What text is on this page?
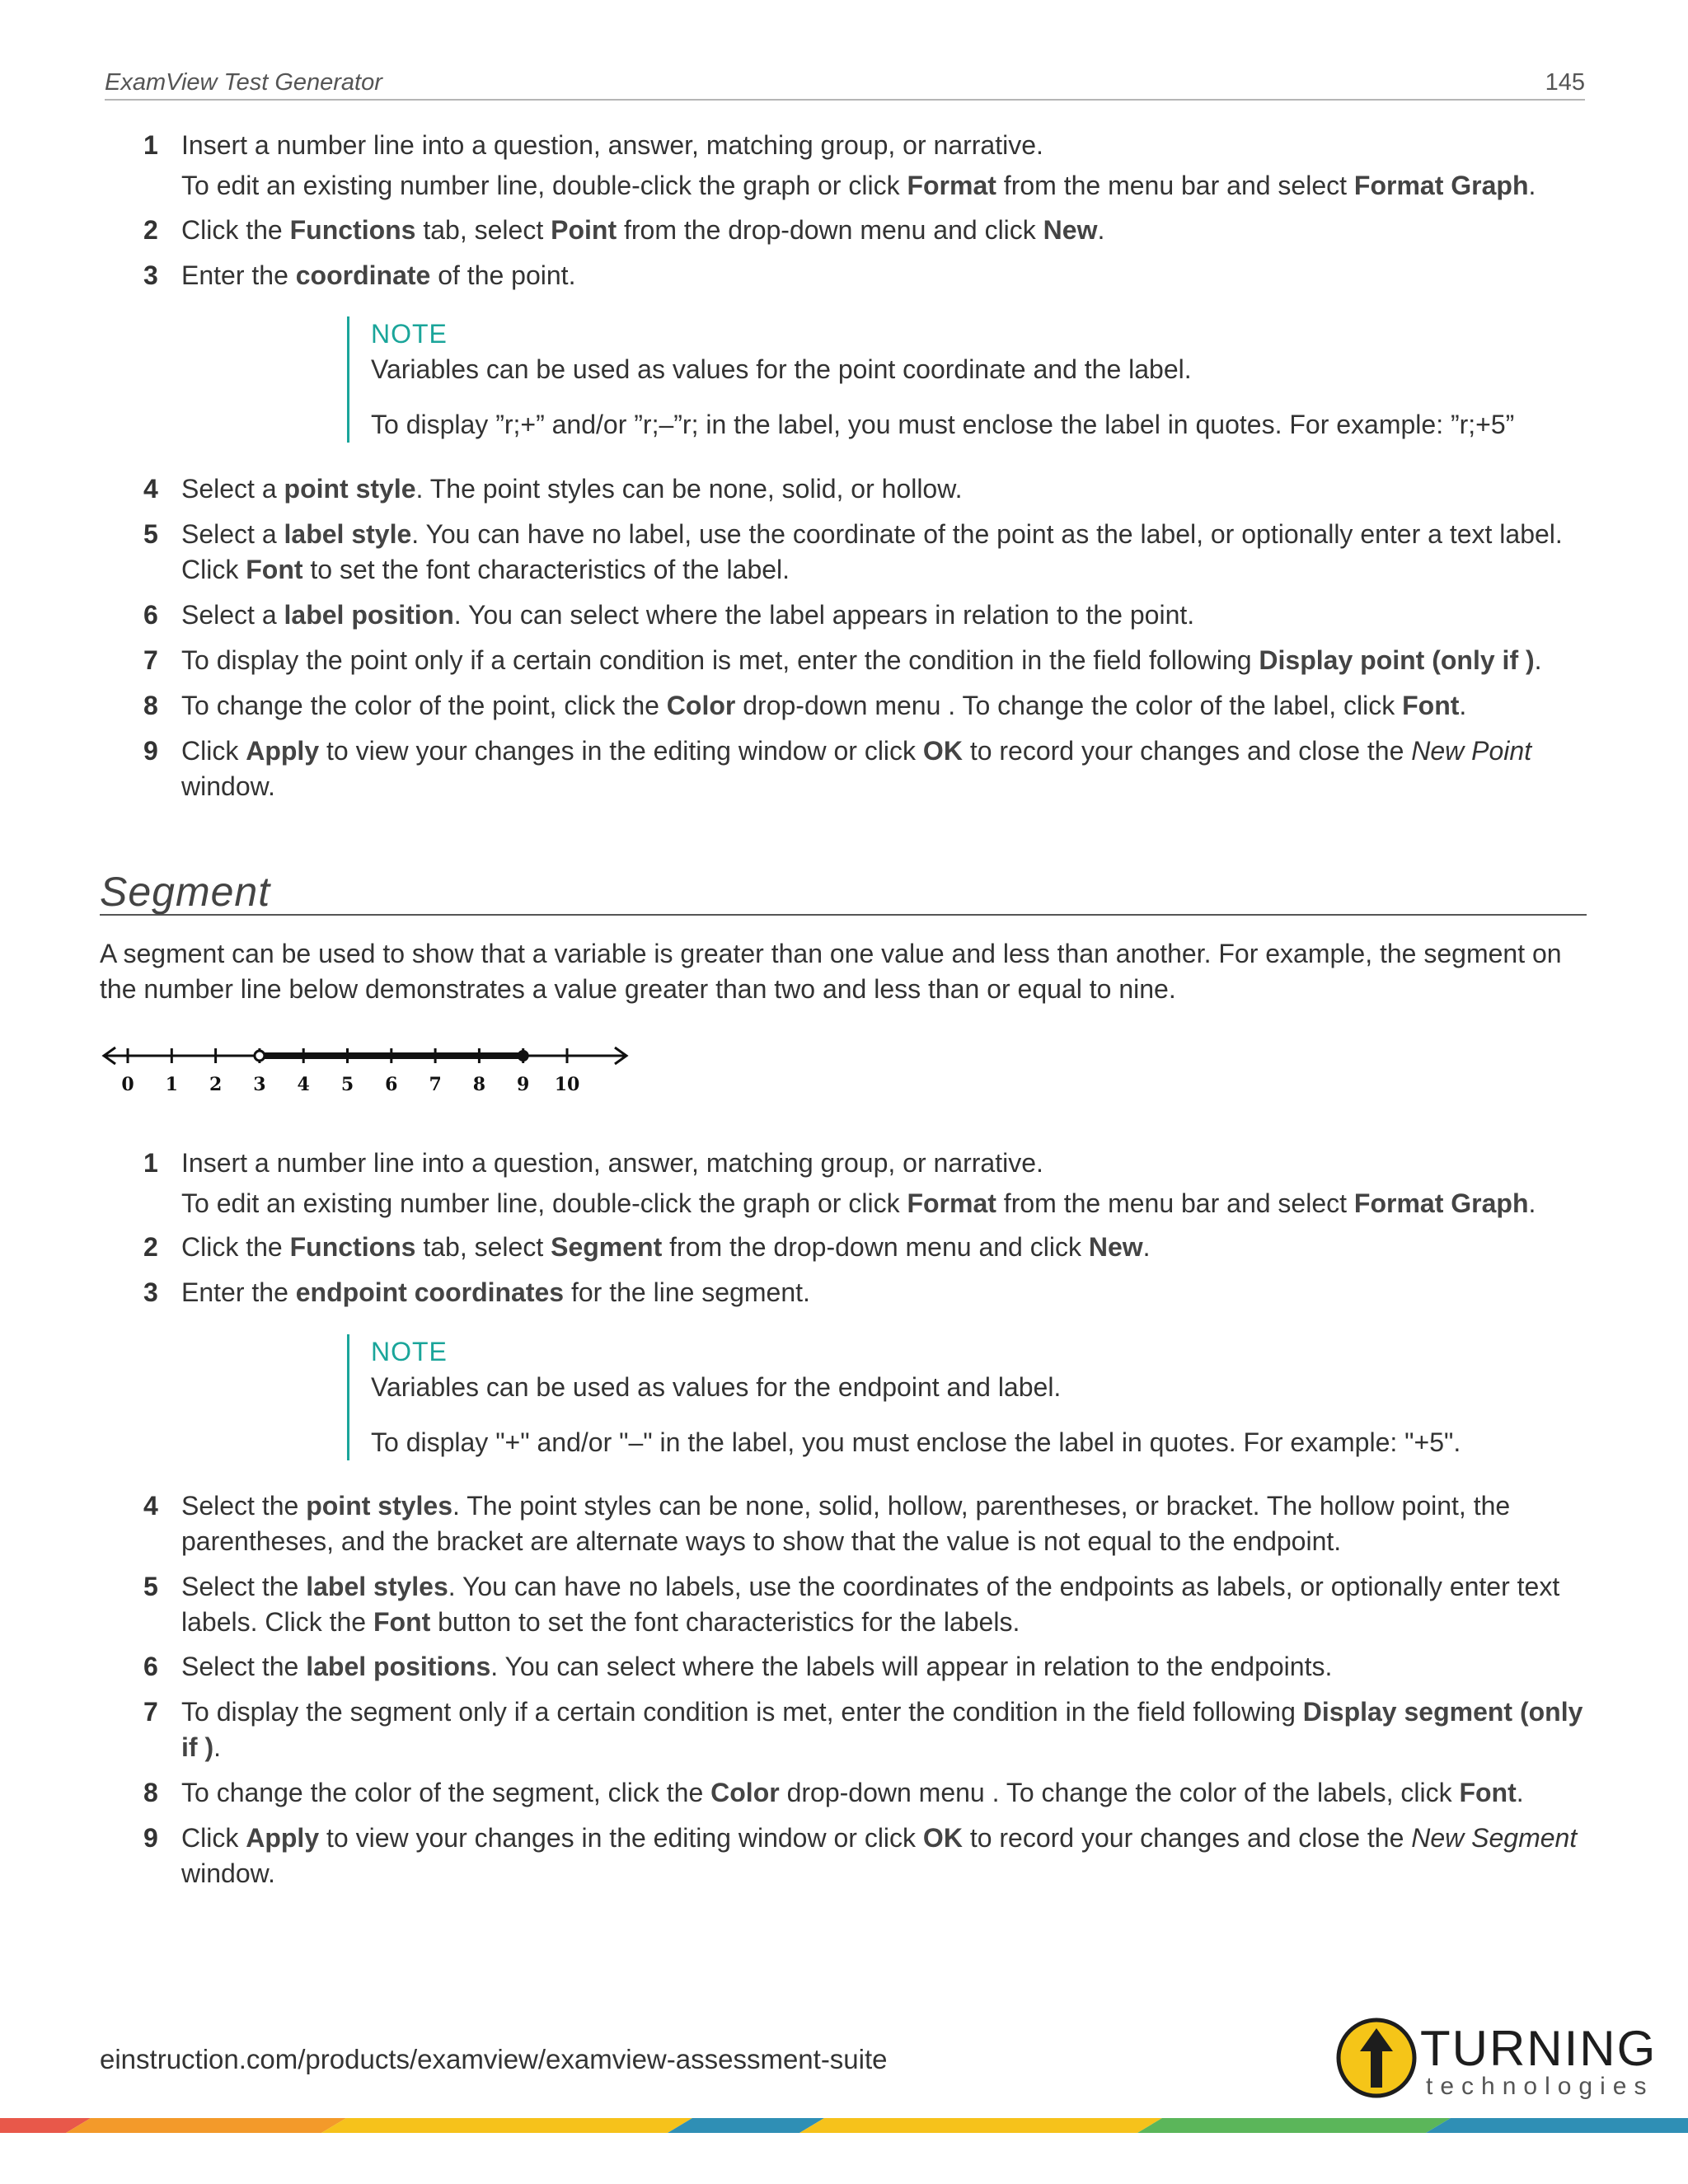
ExamView Test Generator	145
1 Insert a number line into a question, answer, matching group, or narrative.

To edit an existing number line, double-click the graph or click Format from the menu bar and select Format Graph.

2 Click the Functions tab, select Point from the drop-down menu and click New.

3 Enter the coordinate of the point.

NOTE

Variables can be used as values for the point coordinate and the label.

To display ”r;+” and/or ”r;–”r; in the label, you must enclose the label in quotes. For example: ”r;+5”

4 Select a point style. The point styles can be none, solid, or hollow.

5 Select a label style. You can have no label, use the coordinate of the point as the label, or optionally enter a text label. Click Font to set the font characteristics of the label.

6 Select a label position. You can select where the label appears in relation to the point.

7 To display the point only if a certain condition is met, enter the condition in the field following Display point (only if ).

8 To change the color of the point, click the Color drop-down menu . To change the color of the label, click Font.

9 Click Apply to view your changes in the editing window or click OK to record your changes and close the New Point window.

Segment
A segment can be used to show that a variable is greater than one value and less than another. For example, the segment on the number line below demonstrates a value greater than two and less than or equal to nine.
0 1 2 3 4 5 6 7 8 9 10
1 Insert a number line into a question, answer, matching group, or narrative.

To edit an existing number line, double-click the graph or click Format from the menu bar and select Format Graph.

2 Click the Functions tab, select Segment from the drop-down menu and click New.

3 Enter the endpoint coordinates for the line segment.

NOTE

Variables can be used as values for the endpoint and label.

To display "+" and/or "–" in the label, you must enclose the label in quotes. For example: "+5".

4 Select the point styles. The point styles can be none, solid, hollow, parentheses, or bracket. The hollow point, the parentheses, and the bracket are alternate ways to show that the value is not equal to the endpoint.

5 Select the label styles. You can have no labels, use the coordinates of the endpoints as labels, or optionally enter text labels. Click the Font button to set the font characteristics for the labels.

6 Select the label positions. You can select where the labels will appear in relation to the endpoints.

7 To display the segment only if a certain condition is met, enter the condition in the field following Display segment (only if ).

8 To change the color of the segment, click the Color drop-down menu . To change the color of the labels, click Font.

9 Click Apply to view your changes in the editing window or click OK to record your changes and close the New Segment window.

einstruction.com/products/examview/examview-assessment-suite	TURNING
technologies
